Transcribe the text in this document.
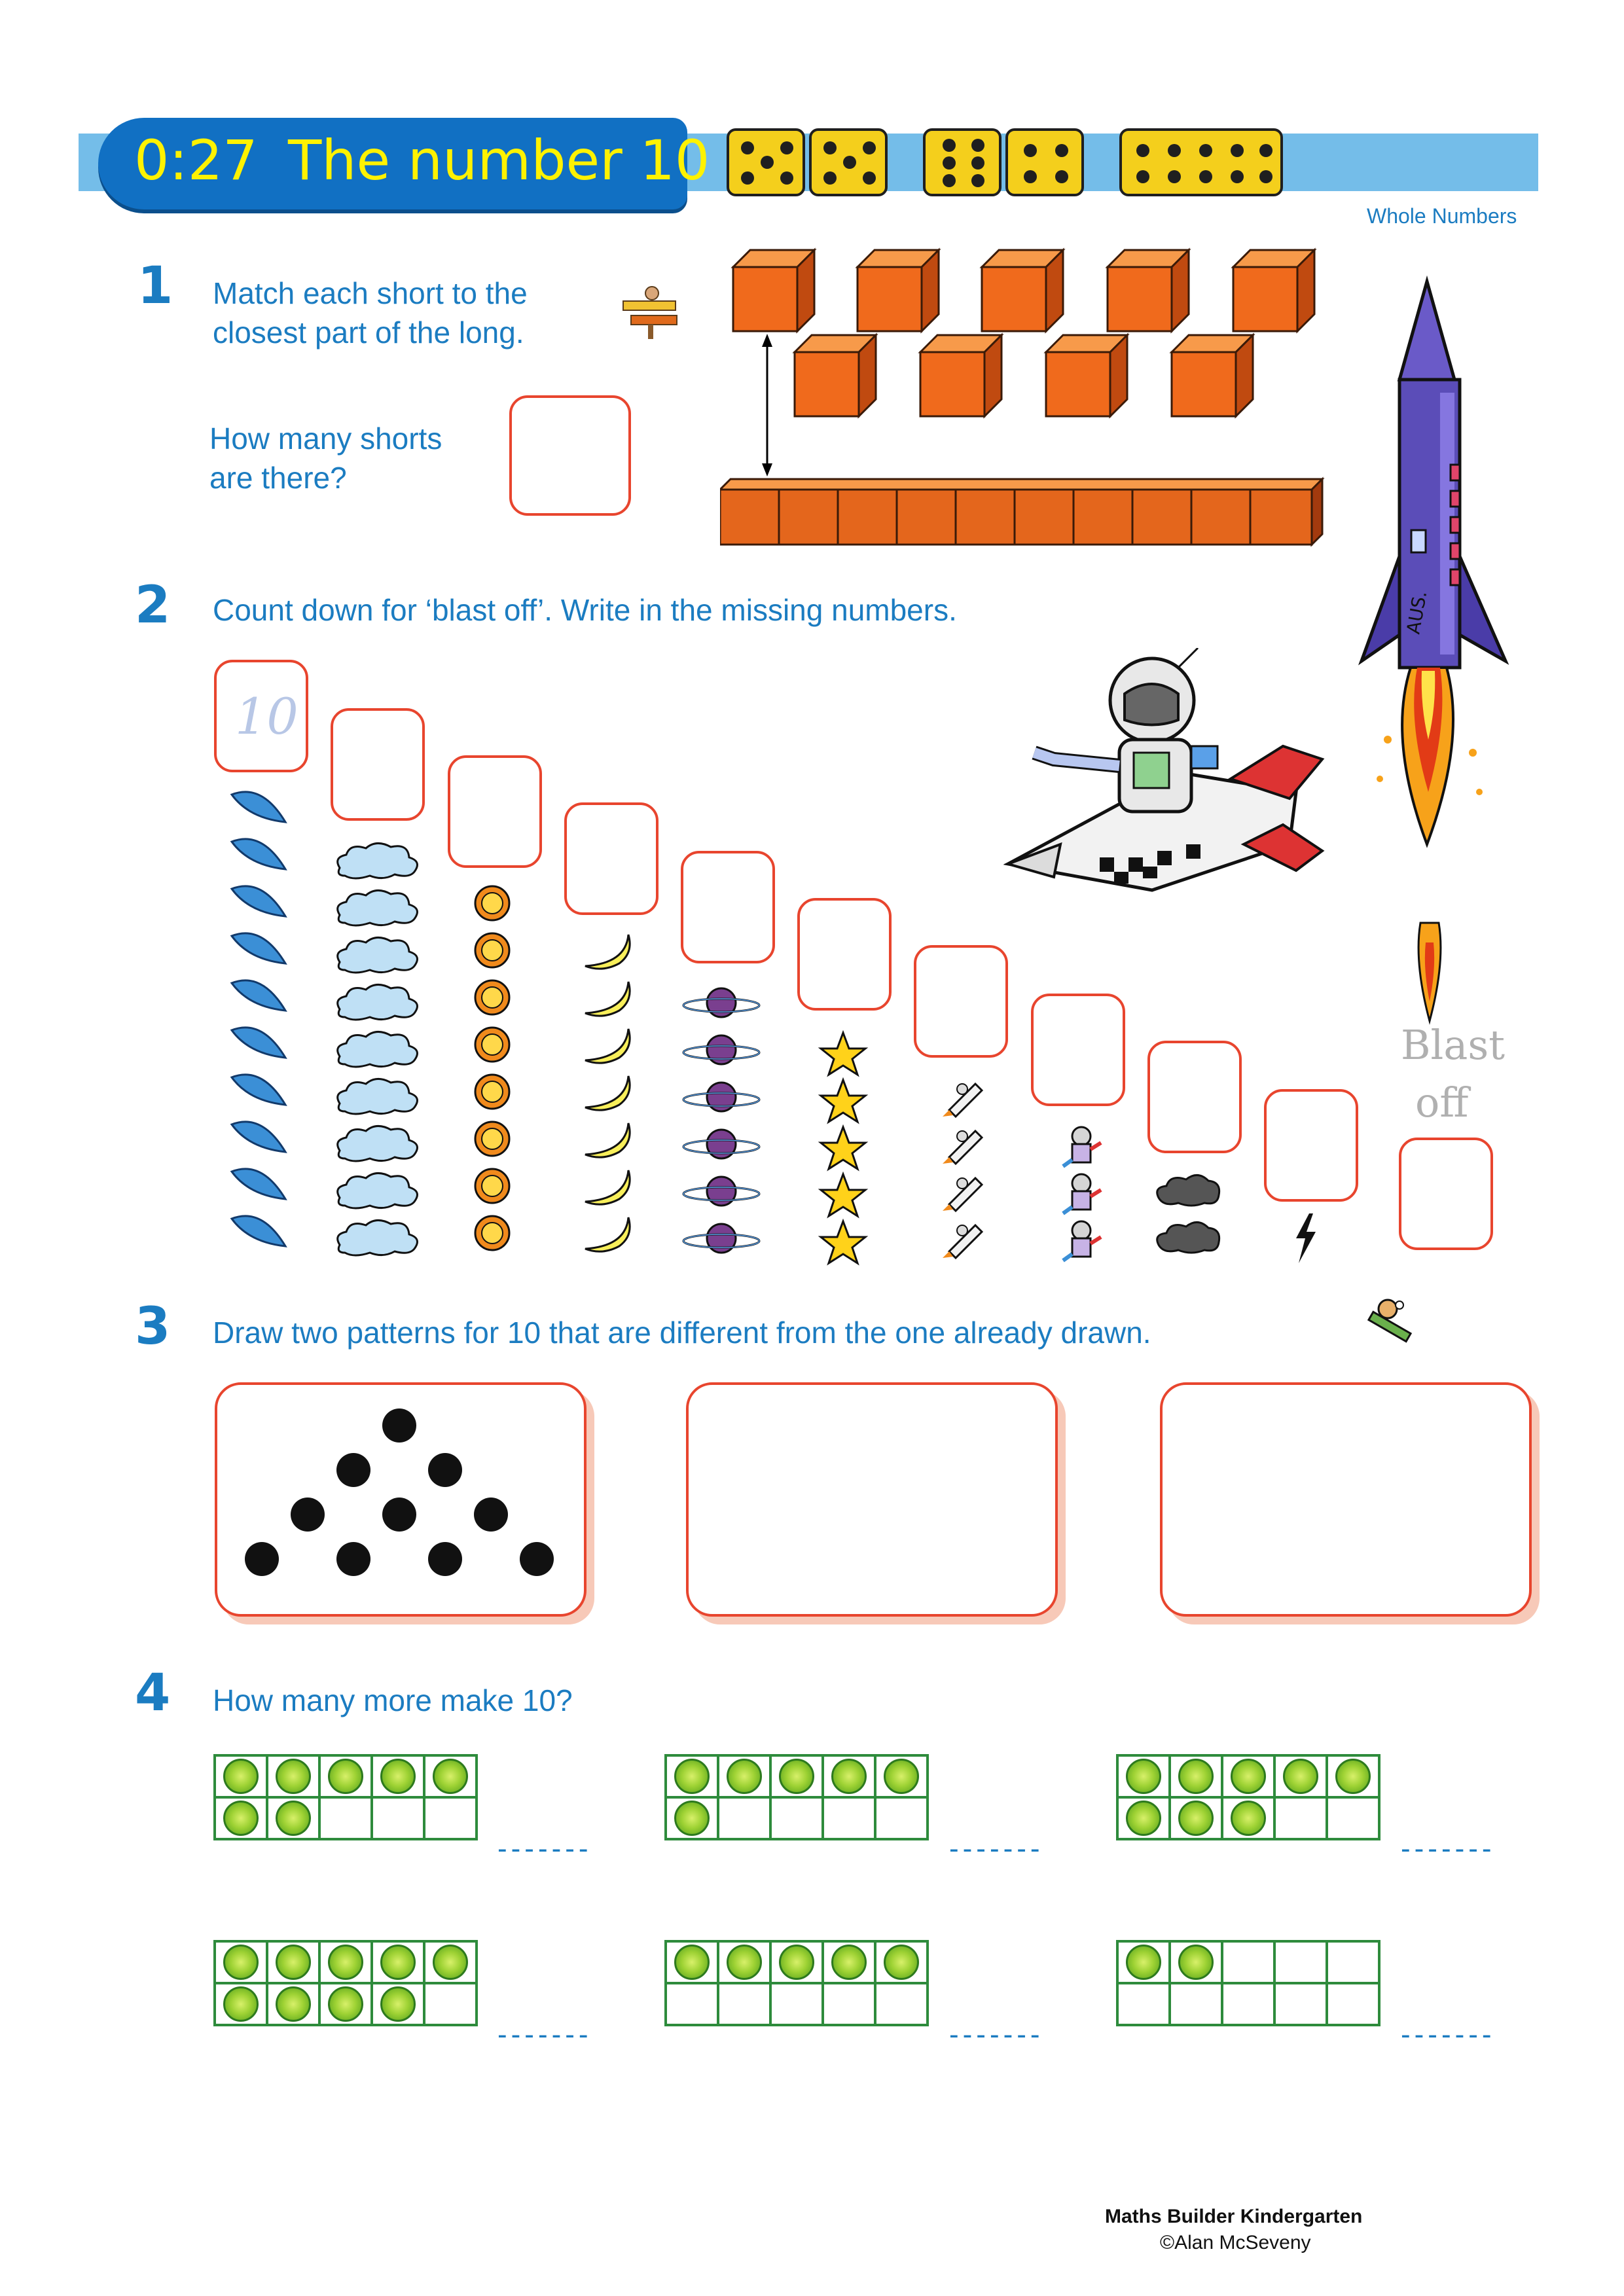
0:27 The number 10
Whole Numbers
1 Match each short to the
closest part of the long.
How many shorts
are there?
AUS.
2 Count down for ‘blast off’. Write in the missing numbers.
10
Blast
off
3 Draw two patterns for 10 that are different from the one already drawn.
4 How many more make 10?
-------	-------	-------
-------	-------	-------
Maths Builder Kindergarten
©Alan McSeveny
